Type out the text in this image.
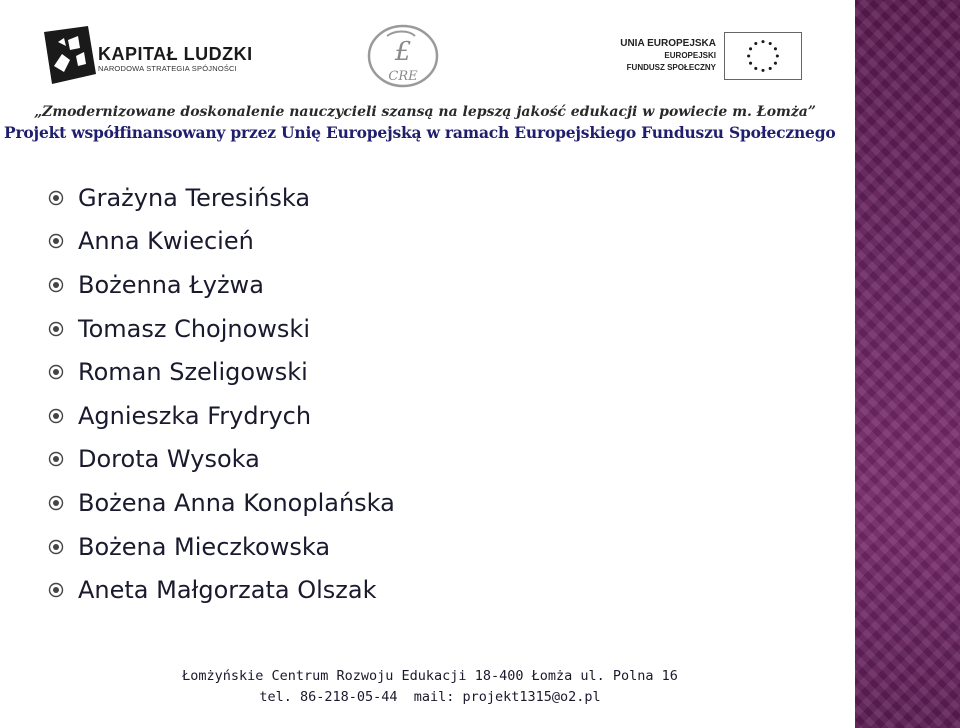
KAPITAŁ LUDZKI
NARODOWA STRATEGIA SPÓJNOŚCI
£
CRE
UNIA EUROPEJSKA
EUROPEJSKI
FUNDUSZ SPOŁECZNY
„Zmodernizowane doskonalenie nauczycieli szansą na lepszą jakość edukacji w powiecie m. Łomża”
Projekt współfinansowany przez Unię Europejską w ramach Europejskiego Funduszu Społecznego
Grażyna Teresińska
Anna Kwiecień
Bożenna Łyżwa
Tomasz Chojnowski
Roman Szeligowski
Agnieszka Frydrych
Dorota Wysoka
Bożena Anna Konoplańska
Bożena Mieczkowska
Aneta Małgorzata Olszak
Łomżyńskie Centrum Rozwoju Edukacji 18-400 Łomża ul. Polna 16
tel. 86-218-05-44  mail: projekt1315@o2.pl
